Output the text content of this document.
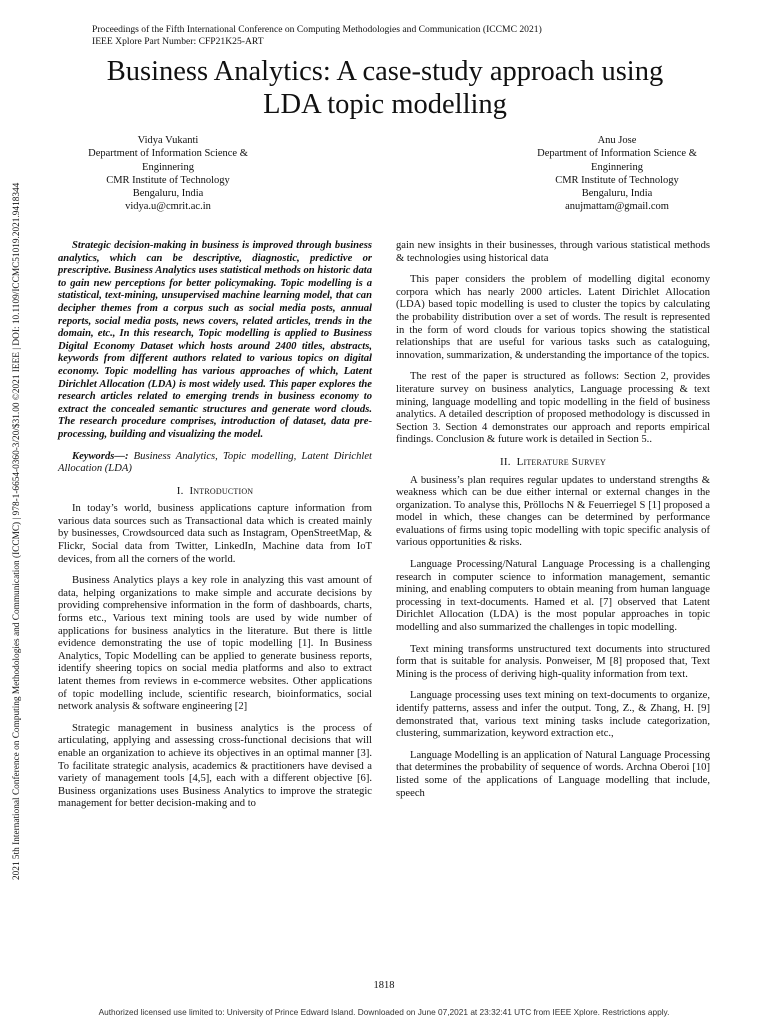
Proceedings of the Fifth International Conference on Computing Methodologies and Communication (ICCMC 2021)
IEEE Xplore Part Number: CFP21K25-ART
Business Analytics: A case-study approach using
LDA topic modelling
Vidya Vukanti
Department of Information Science &
Enginnering
CMR Institute of Technology
Bengaluru, India
vidya.u@cmrit.ac.in
Anu Jose
Department of Information Science &
Enginnering
CMR Institute of Technology
Bengaluru, India
anujmattam@gmail.com
2021 5th International Conference on Computing Methodologies and Communication (ICCMC) | 978-1-6654-0360-3/20/$31.00 ©2021 IEEE | DOI: 10.1109/ICCMC51019.2021.9418344	Strategic decision-making in business is improved through business analytics, which can be descriptive, diagnostic, predictive or prescriptive. Business Analytics uses statistical methods on historic data to gain new perceptions for better policymaking. Topic modelling is a statistical, text-mining, unsupervised machine learning model, that can decipher themes from a corpus such as social media posts, annual reports, social media posts, news covers, related articles, trends in the domain, etc., In this research, Topic modelling is applied to Business Digital Economy Dataset which hosts around 2400 titles, abstracts, keywords from different authors related to various topics on digital economy. Topic modelling has various approaches of which, Latent Dirichlet Allocation (LDA) is most widely used. This paper explores the research articles related to emerging trends in business economy to extract the concealed semantic structures and generate word clouds. The research procedure comprises, introduction of dataset, data pre-processing, building and visualizing the model.

Keywords—: Business Analytics, Topic modelling, Latent Dirichlet Allocation (LDA)

I. Introduction

In today’s world, business applications capture information from various data sources such as Transactional data which is created mainly by businesses, Crowdsourced data such as Instagram, OpenStreetMap, & Flickr, Social data from Twitter, LinkedIn, Machine data from IoT devices, from all the corners of the world.

Business Analytics plays a key role in analyzing this vast amount of data, helping organizations to make simple and accurate decisions by providing comprehensive information in the form of dashboards, charts, forms etc., Various text mining tools are used by wide number of applications for business analytics in the literature. But there is little evidence demonstrating the use of topic modelling [1]. In Business Analytics, Topic Modelling can be applied to generate business reports, identify sheering topics on social media platforms and also to extract latent themes from reviews in e-commerce websites. Other applications of topic modelling include, scientific research, bioinformatics, social network analysis & software engineering [2]

Strategic management in business analytics is the process of articulating, applying and assessing cross-functional decisions that will enable an organization to achieve its objectives in an optimal manner [3]. To facilitate strategic analysis, academics & practitioners have devised a variety of management tools [4,5], each with a different objective [6]. Business organizations uses Business Analytics to improve the strategic management for better decision-making and to

gain new insights in their businesses, through various statistical methods & technologies using historical data

This paper considers the problem of modelling digital economy corpora which has nearly 2000 articles. Latent Dirichlet Allocation (LDA) based topic modelling is used to cluster the topics by calculating the probability distribution over a set of words. The result is represented in the form of word clouds for various topics showing the statistical relationships that are useful for various tasks such as cataloguing, innovation, summarization, & understanding the importance of the topics.

The rest of the paper is structured as follows: Section 2, provides literature survey on business analytics, Language processing & text mining, language modelling and topic modelling in the field of business analytics. A detailed description of proposed methodology is discussed in Section 3. Section 4 demonstrates our approach and reports empirical findings. Conclusion & future work is detailed in Section 5..

II. Literature Survey

A business’s plan requires regular updates to understand strengths & weakness which can be due either internal or external changes in the organization. To analyse this, Pröllochs N & Feuerriegel S [1] proposed a model in which, these changes can be determined by performance evaluations of firms using topic modelling with topic specific analysis of various opportunities & risks.

Language Processing/Natural Language Processing is a challenging research in computer science to information management, semantic mining, and enabling computers to obtain meaning from human language processing in text-documents. Hamed et al. [7] observed that Latent Dirichlet Allocation (LDA) is the most popular approaches in topic modelling and also summarized the challenges in topic modelling.

Text mining transforms unstructured text documents into structured form that is suitable for analysis. Ponweiser, M [8] proposed that, Text Mining is the process of deriving high-quality information from text.

Language processing uses text mining on text-documents to organize, identify patterns, assess and infer the output. Tong, Z., & Zhang, H. [9] demonstrated that, various text mining tasks include categorization, clustering, summarization, keyword extraction etc.,

Language Modelling is an application of Natural Language Processing that determines the probability of sequence of words. Archna Oberoi [10] listed some of the applications of Language modelling that include, speech

1818
Authorized licensed use limited to: University of Prince Edward Island. Downloaded on June 07,2021 at 23:32:41 UTC from IEEE Xplore. Restrictions apply.
